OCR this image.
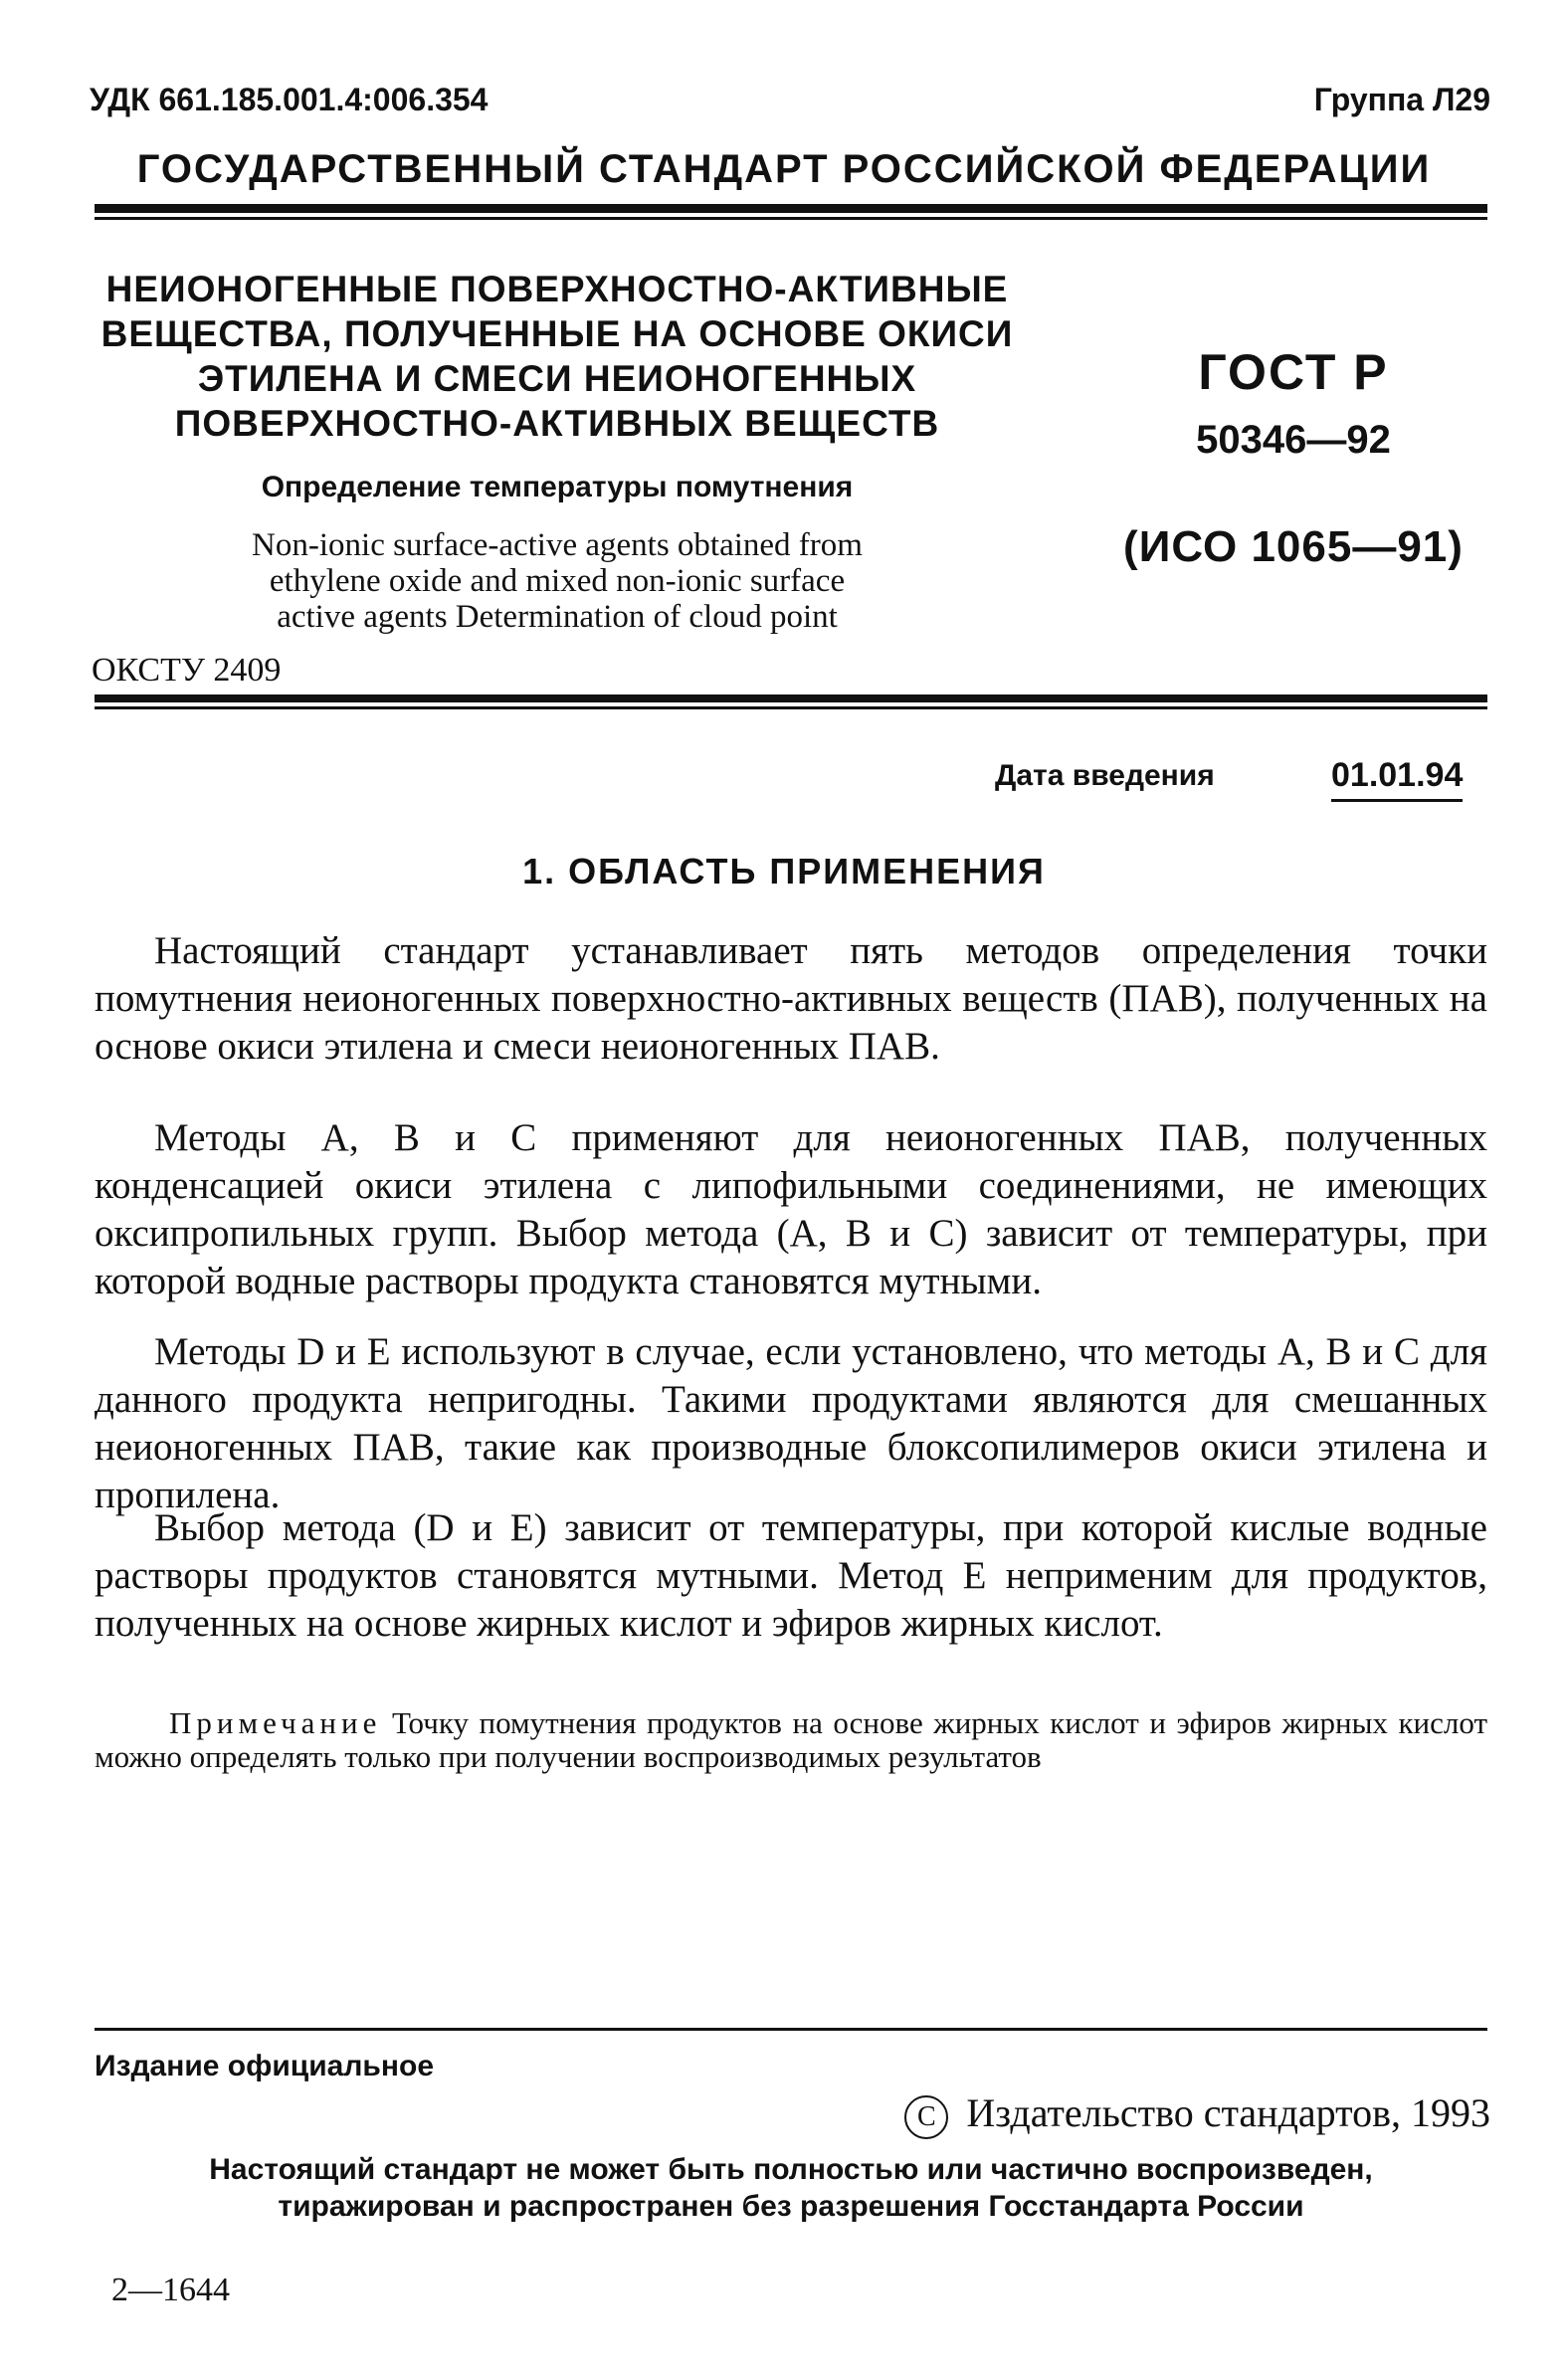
УДК 661.185.001.4:006.354	Группа Л29
ГОСУДАРСТВЕННЫЙ СТАНДАРТ РОССИЙСКОЙ ФЕДЕРАЦИИ
НЕИОНОГЕННЫЕ ПОВЕРХНОСТНО-АКТИВНЫЕ
ВЕЩЕСТВА, ПОЛУЧЕННЫЕ НА ОСНОВЕ ОКИСИ
ЭТИЛЕНА И СМЕСИ НЕИОНОГЕННЫХ
ПОВЕРХНОСТНО-АКТИВНЫХ ВЕЩЕСТВ
Определение температуры помутнения
Non-ionic surface-active agents obtained from
ethylene oxide and mixed non-ionic surface
active agents Determination of cloud point
ОКСТУ 2409
ГОСТ Р
50346—92
(ИСО 1065—91)
Дата введения	01.01.94
1. ОБЛАСТЬ ПРИМЕНЕНИЯ

Настоящий стандарт устанавливает пять методов определения точки помутнения неионогенных поверхностно-активных веществ (ПАВ), полученных на основе окиси этилена и смеси неионогенных ПАВ.

Методы А, В и С применяют для неионогенных ПАВ, полученных конденсацией окиси этилена с липофильными соединениями, не имеющих оксипропильных групп. Выбор метода (А, В и С) зависит от температуры, при которой водные растворы продукта становятся мутными.

Методы D и Е используют в случае, если установлено, что методы А, В и С для данного продукта непригодны. Такими продуктами являются для смешанных неионогенных ПАВ, такие как производные блоксопилимеров окиси этилена и пропилена.

Выбор метода (D и Е) зависит от температуры, при которой кислые водные растворы продуктов становятся мутными. Метод Е неприменим для продуктов, полученных на основе жирных кислот и эфиров жирных кислот.

Примечание Точку помутнения продуктов на основе жирных кислот и эфиров жирных кислот можно определять только при получении воспроизводимых результатов

Издание официальное
C Издательство стандартов, 1993
Настоящий стандарт не может быть полностью или частично воспроизведен,
тиражирован и распространен без разрешения Госстандарта России
2—1644
